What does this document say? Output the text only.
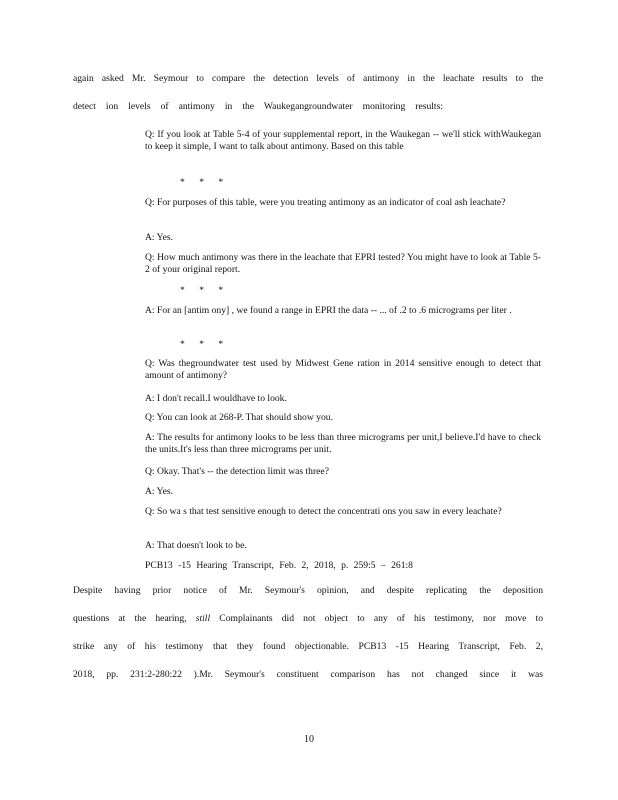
again asked Mr. Seymour to compare the detection levels of antimony in the leachate results to the
detect ion levels of antimony in the Waukegangroundwater monitoring results:
Q: If you look at Table 5-4 of your supplemental report, in the Waukegan -- we'll stick withWaukegan to keep it simple, I want to talk about antimony. Based on this table
* * *
Q: For purposes of this table, were you treating antimony as an indicator of coal ash leachate?
A: Yes.
Q: How much antimony was there in the leachate that EPRI tested? You might have to look at Table 5-2 of your original report.
* * *
A: For an [antim ony] , we found a range in EPRI the data -- ... of .2 to .6 micrograms per liter .
* * *
Q: Was thegroundwater test used by Midwest Gene ration in 2014 sensitive enough to detect that amount of antimony?
A: I don't recall.I wouldhave to look.
Q: You can look at 268-P. That should show you.
A: The results for antimony looks to be less than three micrograms per unit,I believe.I'd have to check the units.It's less than three micrograms per unit.
Q: Okay. That's -- the detection limit was three?
A: Yes.
Q: So wa s that test sensitive enough to detect the concentrati ons you saw in every leachate?
A: That doesn't look to be.
PCB13 -15 Hearing Transcript, Feb. 2, 2018, p. 259:5 – 261:8
Despite having prior notice of Mr. Seymour's opinion, and despite replicating the deposition
questions at the hearing, still Complainants did not object to any of his testimony, nor move to
strike any of his testimony that they found objectionable. PCB13 -15 Hearing Transcript, Feb. 2,
2018, pp. 231:2-280:22 ).Mr. Seymour's constituent comparison has not changed since it was
10
